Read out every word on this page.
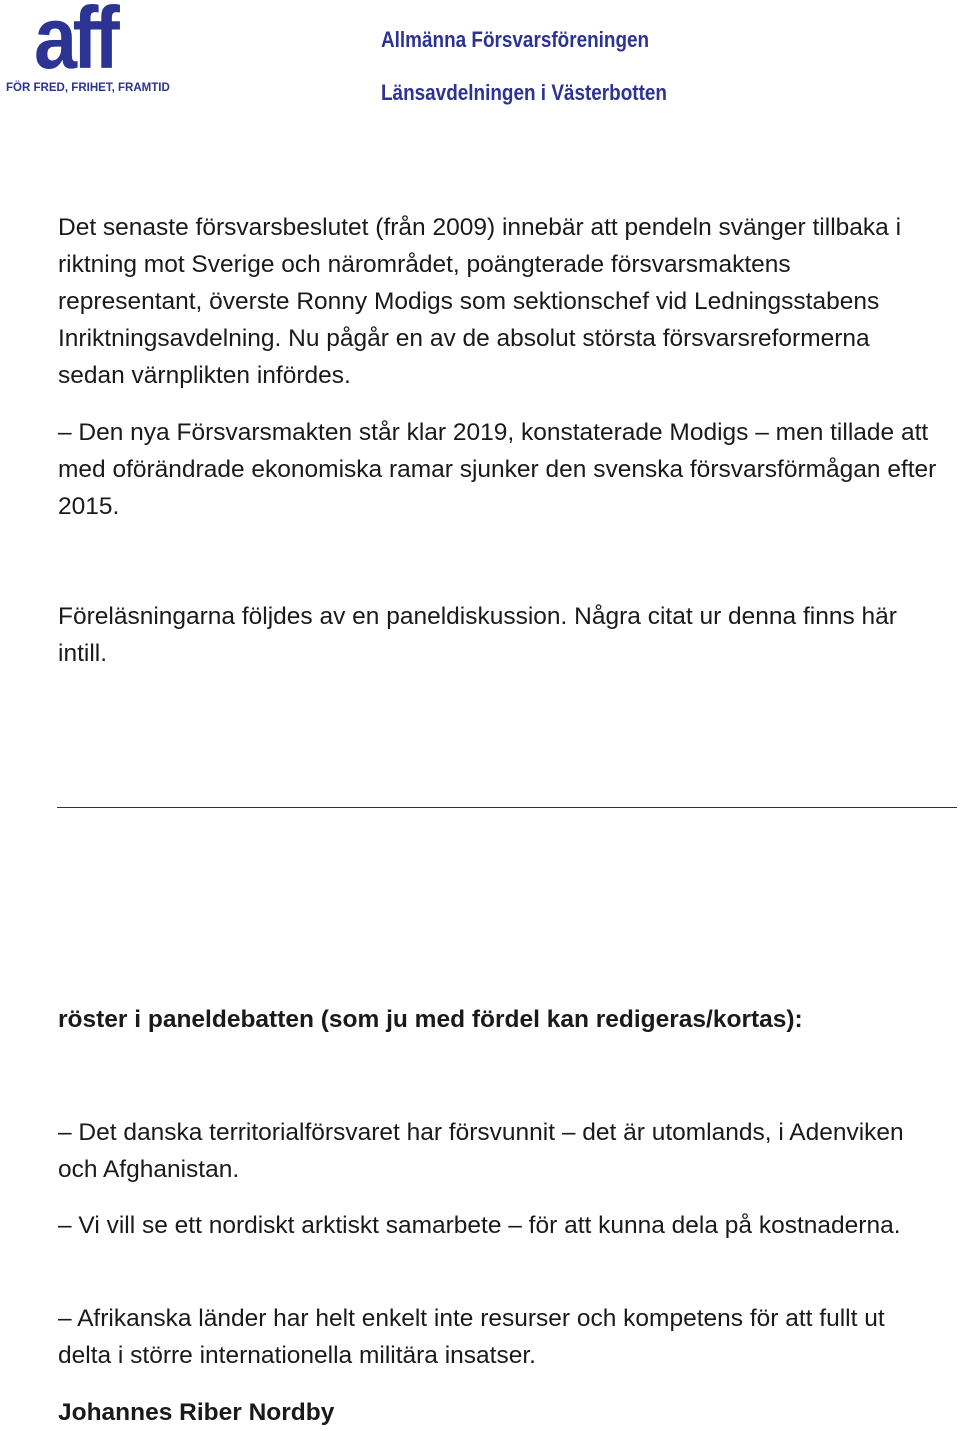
aff
FÖR FRED, FRIHET, FRAMTID
Allmänna Försvarsföreningen
Länsavdelningen i Västerbotten

Det senaste försvarsbeslutet (från 2009) innebär att pendeln svänger tillbaka i riktning mot Sverige och närområdet, poängterade försvarsmaktens representant, överste Ronny Modigs som sektionschef vid Ledningsstabens Inriktningsavdelning. Nu pågår en av de absolut största försvarsreformerna sedan värnplikten infördes.

– Den nya Försvarsmakten står klar 2019, konstaterade Modigs – men tillade att med oförändrade ekonomiska ramar sjunker den svenska försvarsförmågan efter 2015.

Föreläsningarna följdes av en paneldiskussion. Några citat ur denna finns här intill.

röster i paneldebatten (som ju med fördel kan redigeras/kortas):

– Det danska territorialförsvaret har försvunnit – det är utomlands, i Adenviken och Afghanistan.

– Vi vill se ett nordiskt arktiskt samarbete – för att kunna dela på kostnaderna.

– Afrikanska länder har helt enkelt inte resurser och kompetens för att fullt ut delta i större internationella militära insatser.

Johannes Riber Nordby
